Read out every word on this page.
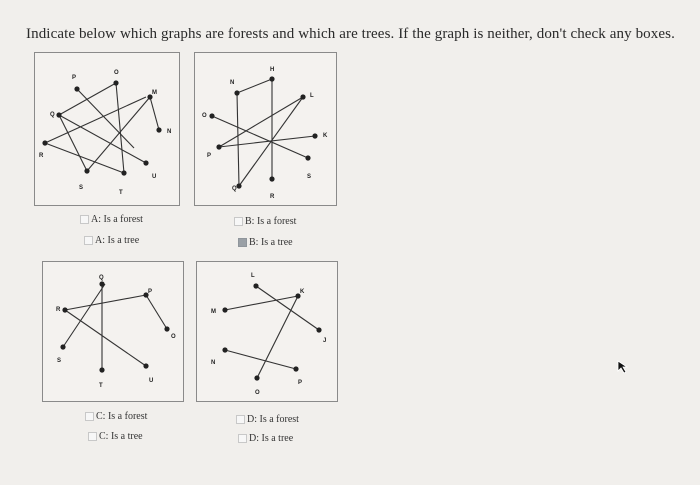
Indicate below which graphs are forests and which are trees. If the graph is neither, don't check any boxes.
P
O
Q
M
N
R
U
S
T
N
H
O
L
K
P
S
Q
R
A: Is a forest
A: Is a tree
B: Is a forest
B: Is a tree
Q
R
P
O
S
U
T
L
K
M
J
N
P
O
C: Is a forest
C: Is a tree
D: Is a forest
D: Is a tree
